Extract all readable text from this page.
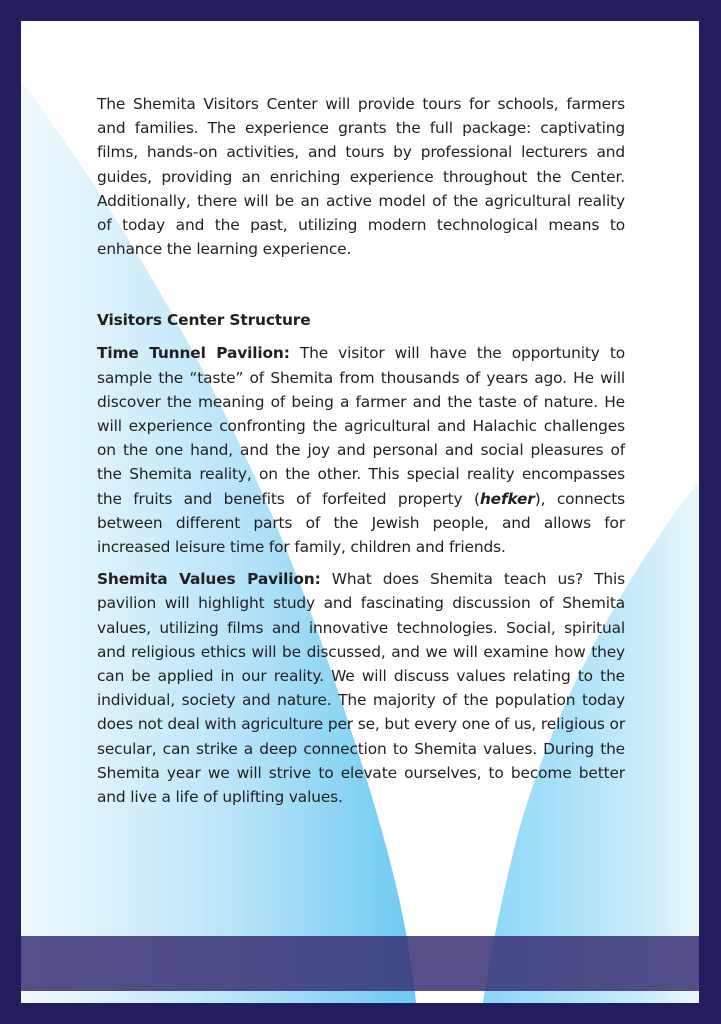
The Shemita Visitors Center will provide tours for schools, farmers and families. The experience grants the full package: captivating films, hands-on activities, and tours by professional lecturers and guides, providing an enriching experience throughout the Center. Additionally, there will be an active model of the agricultural reality of today and the past, utilizing modern technological means to enhance the learning experience.

Visitors Center Structure

Time Tunnel Pavilion: The visitor will have the opportunity to sample the “taste” of Shemita from thousands of years ago. He will discover the meaning of being a farmer and the taste of nature. He will experience confronting the agricultural and Halachic challenges on the one hand, and the joy and personal and social pleasures of the Shemita reality, on the other. This special reality encompasses the fruits and benefits of forfeited property (hefker), connects between different parts of the Jewish people, and allows for increased leisure time for family, children and friends.

Shemita Values Pavilion: What does Shemita teach us? This pavilion will highlight study and fascinating discussion of Shemita values, utilizing films and innovative technologies. Social, spiritual and religious ethics will be discussed, and we will examine how they can be applied in our reality. We will discuss values relating to the individual, society and nature. The majority of the population today does not deal with agriculture per se, but every one of us, religious or secular, can strike a deep connection to Shemita values. During the Shemita year we will strive to elevate ourselves, to become better and live a life of uplifting values.
